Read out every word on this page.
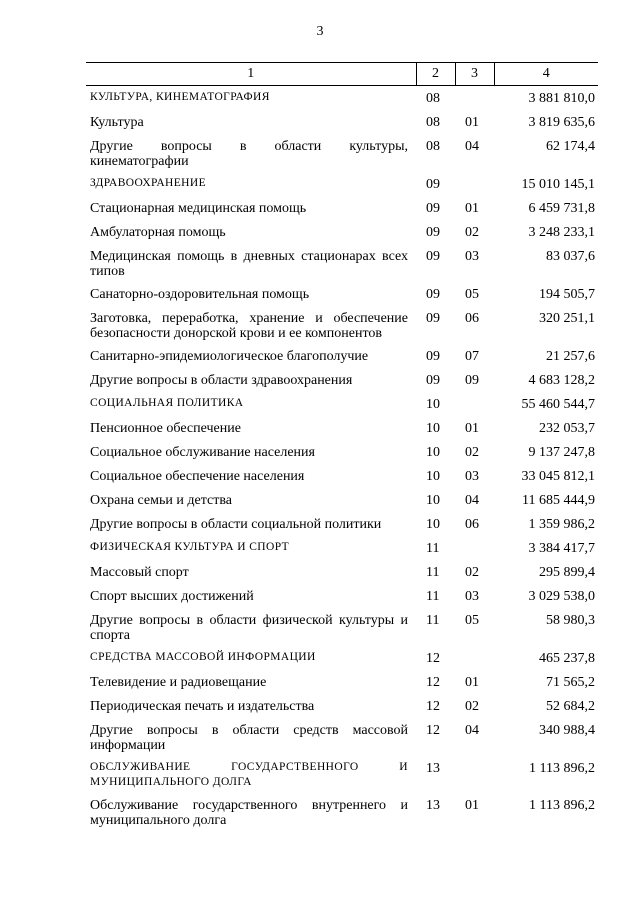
3
1	2	3	4
КУЛЬТУРА, КИНЕМАТОГРАФИЯ	08		3 881 810,0
Культура	08	01	3 819 635,6
Другие вопросы в области культуры, кинематографии	08	04	62 174,4
ЗДРАВООХРАНЕНИЕ	09		15 010 145,1
Стационарная медицинская помощь	09	01	6 459 731,8
Амбулаторная помощь	09	02	3 248 233,1
Медицинская помощь в дневных стационарах всех типов	09	03	83 037,6
Санаторно-оздоровительная помощь	09	05	194 505,7
Заготовка, переработка, хранение и обеспечение безопасности донорской крови и ее компонентов	09	06	320 251,1
Санитарно-эпидемиологическое благополучие	09	07	21 257,6
Другие вопросы в области здравоохранения	09	09	4 683 128,2
СОЦИАЛЬНАЯ ПОЛИТИКА	10		55 460 544,7
Пенсионное обеспечение	10	01	232 053,7
Социальное обслуживание населения	10	02	9 137 247,8
Социальное обеспечение населения	10	03	33 045 812,1
Охрана семьи и детства	10	04	11 685 444,9
Другие вопросы в области социальной политики	10	06	1 359 986,2
ФИЗИЧЕСКАЯ КУЛЬТУРА И СПОРТ	11		3 384 417,7
Массовый спорт	11	02	295 899,4
Спорт высших достижений	11	03	3 029 538,0
Другие вопросы в области физической культуры и спорта	11	05	58 980,3
СРЕДСТВА МАССОВОЙ ИНФОРМАЦИИ	12		465 237,8
Телевидение и радиовещание	12	01	71 565,2
Периодическая печать и издательства	12	02	52 684,2
Другие вопросы в области средств массовой информации	12	04	340 988,4
ОБСЛУЖИВАНИЕ ГОСУДАРСТВЕННОГО И МУНИЦИПАЛЬНОГО ДОЛГА	13		1 113 896,2
Обслуживание государственного внутреннего и муниципального долга	13	01	1 113 896,2
